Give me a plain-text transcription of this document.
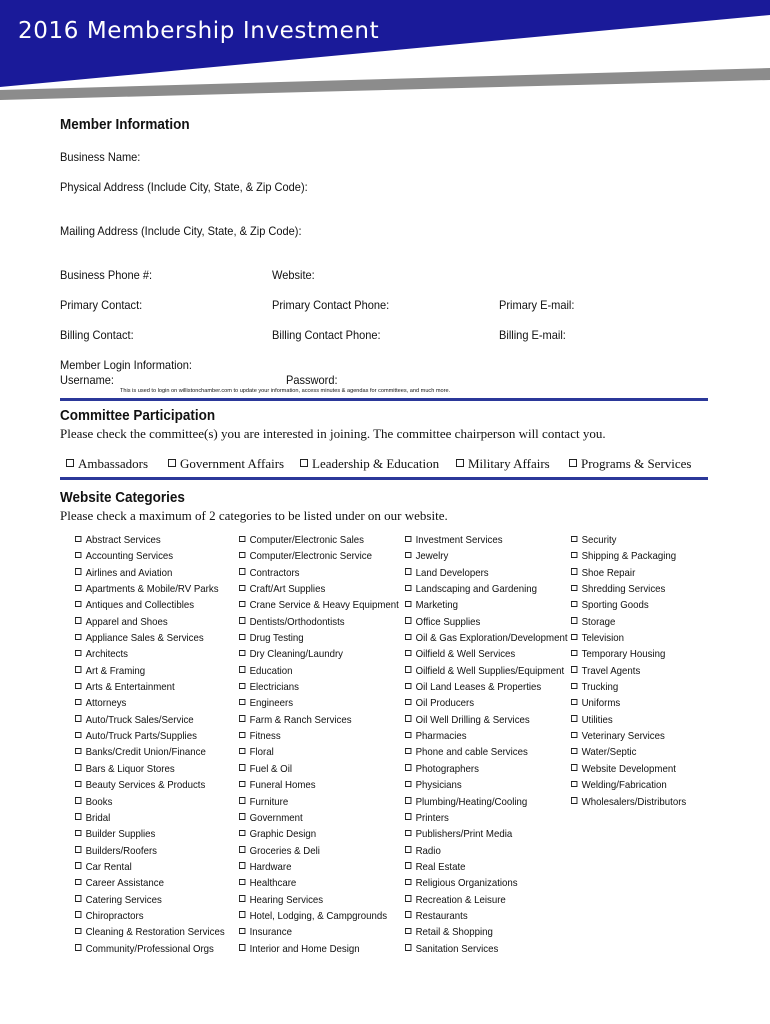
2016 Membership Investment
Member Information
Business Name:
Physical Address (Include City, State, & Zip Code):
Mailing Address (Include City, State, & Zip Code):
Business Phone #:	Website:
Primary Contact:	Primary Contact Phone:	Primary E-mail:
Billing Contact:	Billing Contact Phone:	Billing E-mail:
Member Login Information:
Username:	Password:
This is used to login on willistonchamber.com to update your information, access minutes & agendas for committees, and much more.
Committee Participation
Please check the committee(s) you are interested in joining. The committee chairperson will contact you.
Ambassadors	Government Affairs	Leadership & Education	Military Affairs	Programs & Services
Website Categories
Please check a maximum of 2 categories to be listed under on our website.
Abstract Services
Accounting Services
Airlines and Aviation
Apartments & Mobile/RV Parks
Antiques and Collectibles
Apparel and Shoes
Appliance Sales & Services
Architects
Art & Framing
Arts & Entertainment
Attorneys
Auto/Truck Sales/Service
Auto/Truck Parts/Supplies
Banks/Credit Union/Finance
Bars & Liquor Stores
Beauty Services & Products
Books
Bridal
Builder Supplies
Builders/Roofers
Car Rental
Career Assistance
Catering Services
Chiropractors
Cleaning & Restoration Services
Community/Professional Orgs
Computer/Electronic Sales
Computer/Electronic Service
Contractors
Craft/Art Supplies
Crane Service & Heavy Equipment
Dentists/Orthodontists
Drug Testing
Dry Cleaning/Laundry
Education
Electricians
Engineers
Farm & Ranch Services
Fitness
Floral
Fuel & Oil
Funeral Homes
Furniture
Government
Graphic Design
Groceries & Deli
Hardware
Healthcare
Hearing Services
Hotel, Lodging, & Campgrounds
Insurance
Interior and Home Design
Investment Services
Jewelry
Land Developers
Landscaping and Gardening
Marketing
Office Supplies
Oil & Gas Exploration/Development
Oilfield & Well Services
Oilfield & Well Supplies/Equipment
Oil Land Leases & Properties
Oil Producers
Oil Well Drilling & Services
Pharmacies
Phone and cable Services
Photographers
Physicians
Plumbing/Heating/Cooling
Printers
Publishers/Print Media
Radio
Real Estate
Religious Organizations
Recreation & Leisure
Restaurants
Retail & Shopping
Sanitation Services
Security
Shipping & Packaging
Shoe Repair
Shredding Services
Sporting Goods
Storage
Television
Temporary Housing
Travel Agents
Trucking
Uniforms
Utilities
Veterinary Services
Water/Septic
Website Development
Welding/Fabrication
Wholesalers/Distributors
